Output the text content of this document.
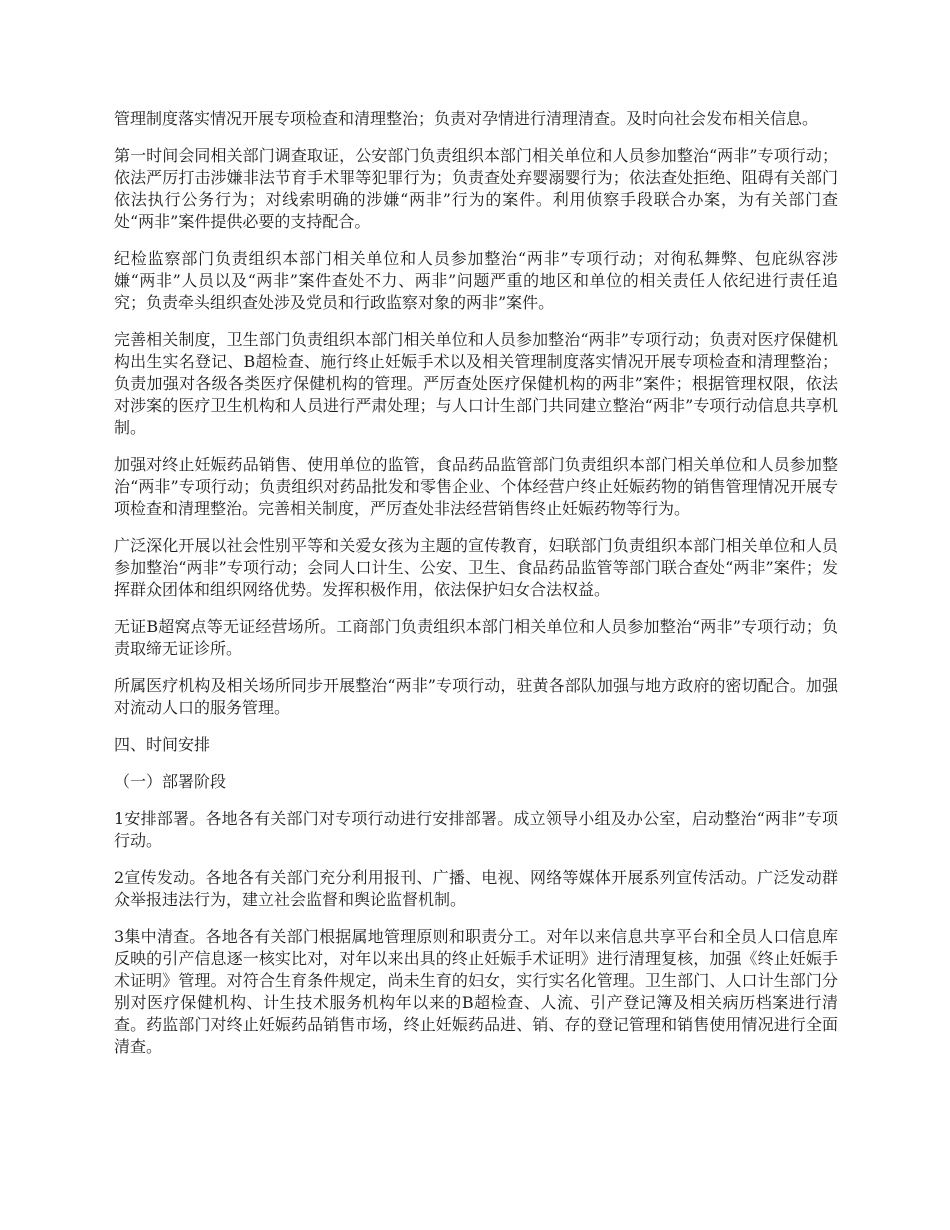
管理制度落实情况开展专项检查和清理整治；负责对孕情进行清理清查。及时向社会发布相关信息。

第一时间会同相关部门调查取证，公安部门负责组织本部门相关单位和人员参加整治“两非”专项行动；依法严厉打击涉嫌非法节育手术罪等犯罪行为；负责查处弃婴溺婴行为；依法查处拒绝、阻碍有关部门依法执行公务行为；对线索明确的涉嫌“两非”行为的案件。利用侦察手段联合办案，为有关部门查处“两非”案件提供必要的支持配合。

纪检监察部门负责组织本部门相关单位和人员参加整治“两非”专项行动；对徇私舞弊、包庇纵容涉嫌“两非”人员以及“两非”案件查处不力、两非”问题严重的地区和单位的相关责任人依纪进行责任追究；负责牵头组织查处涉及党员和行政监察对象的两非”案件。

完善相关制度，卫生部门负责组织本部门相关单位和人员参加整治“两非”专项行动；负责对医疗保健机构出生实名登记、B超检查、施行终止妊娠手术以及相关管理制度落实情况开展专项检查和清理整治；负责加强对各级各类医疗保健机构的管理。严厉查处医疗保健机构的两非”案件；根据管理权限，依法对涉案的医疗卫生机构和人员进行严肃处理；与人口计生部门共同建立整治“两非”专项行动信息共享机制。

加强对终止妊娠药品销售、使用单位的监管，食品药品监管部门负责组织本部门相关单位和人员参加整治“两非”专项行动；负责组织对药品批发和零售企业、个体经营户终止妊娠药物的销售管理情况开展专项检查和清理整治。完善相关制度，严厉查处非法经营销售终止妊娠药物等行为。

广泛深化开展以社会性别平等和关爱女孩为主题的宣传教育，妇联部门负责组织本部门相关单位和人员参加整治“两非”专项行动；会同人口计生、公安、卫生、食品药品监管等部门联合查处“两非”案件；发挥群众团体和组织网络优势。发挥积极作用，依法保护妇女合法权益。

无证B超窝点等无证经营场所。工商部门负责组织本部门相关单位和人员参加整治“两非”专项行动；负责取缔无证诊所。

所属医疗机构及相关场所同步开展整治“两非”专项行动，驻黄各部队加强与地方政府的密切配合。加强对流动人口的服务管理。

四、时间安排

（一）部署阶段

1安排部署。各地各有关部门对专项行动进行安排部署。成立领导小组及办公室，启动整治“两非”专项行动。

2宣传发动。各地各有关部门充分利用报刊、广播、电视、网络等媒体开展系列宣传活动。广泛发动群众举报违法行为，建立社会监督和舆论监督机制。

3集中清查。各地各有关部门根据属地管理原则和职责分工。对年以来信息共享平台和全员人口信息库反映的引产信息逐一核实比对，对年以来出具的终止妊娠手术证明》进行清理复核，加强《终止妊娠手术证明》管理。对符合生育条件规定，尚未生育的妇女，实行实名化管理。卫生部门、人口计生部门分别对医疗保健机构、计生技术服务机构年以来的B超检查、人流、引产登记簿及相关病历档案进行清查。药监部门对终止妊娠药品销售市场，终止妊娠药品进、销、存的登记管理和销售使用情况进行全面清查。
